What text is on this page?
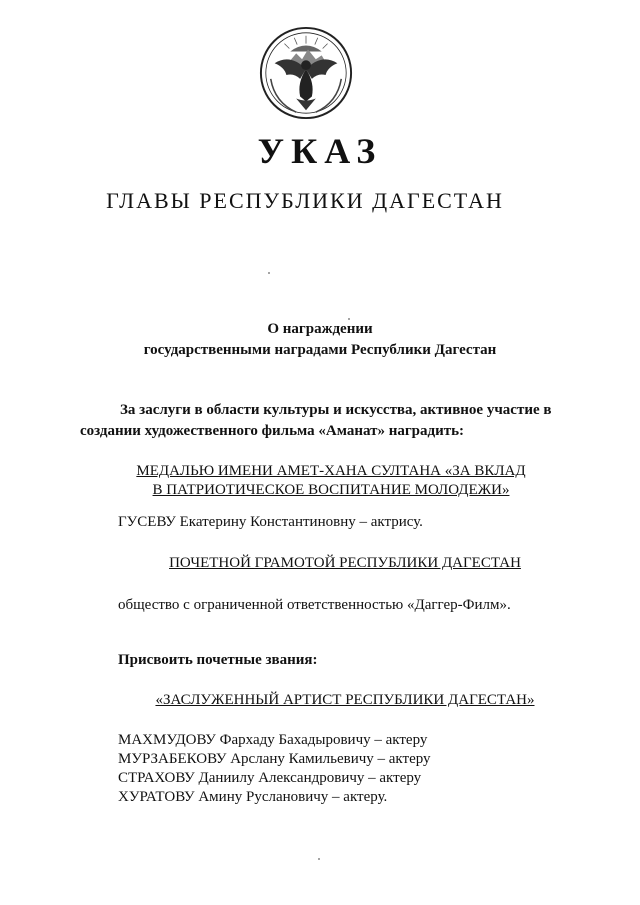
УКАЗ
ГЛАВЫ РЕСПУБЛИКИ ДАГЕСТАН
О награждении
государственными наградами Республики Дагестан
За заслуги в области культуры и искусства, активное участие в
создании художественного фильма «Аманат» наградить:
МЕДАЛЬЮ ИМЕНИ АМЕТ-ХАНА СУЛТАНА «ЗА ВКЛАД
В ПАТРИОТИЧЕСКОЕ ВОСПИТАНИЕ МОЛОДЕЖИ»
ГУСЕВУ Екатерину Константиновну – актрису.
ПОЧЕТНОЙ ГРАМОТОЙ РЕСПУБЛИКИ ДАГЕСТАН
общество с ограниченной ответственностью «Даггер-Филм».
Присвоить почетные звания:
«ЗАСЛУЖЕННЫЙ АРТИСТ РЕСПУБЛИКИ ДАГЕСТАН»
МАХМУДОВУ Фархаду Бахадыровичу – актеру
МУРЗАБЕКОВУ Арслану Камильевичу – актеру
СТРАХОВУ Даниилу Александровичу – актеру
ХУРАТОВУ Амину Руслановичу – актеру.
